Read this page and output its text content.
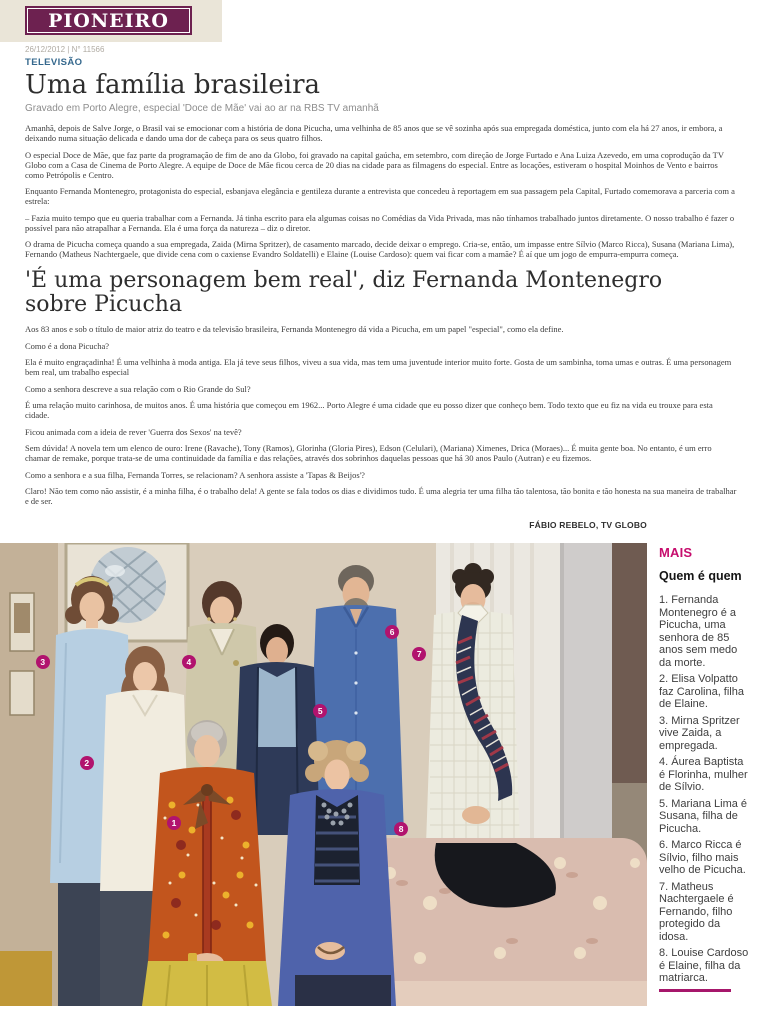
PIONEIRO
26/12/2012 | N° 11566
TELEVISÃO
Uma família brasileira
Gravado em Porto Alegre, especial 'Doce de Mãe' vai ao ar na RBS TV amanhã

Amanhã, depois de Salve Jorge, o Brasil vai se emocionar com a história de dona Picucha, uma velhinha de 85 anos que se vê sozinha após sua empregada doméstica, junto com ela há 27 anos, ir embora, a deixando numa situação delicada e dando uma dor de cabeça para os seus quatro filhos.

O especial Doce de Mãe, que faz parte da programação de fim de ano da Globo, foi gravado na capital gaúcha, em setembro, com direção de Jorge Furtado e Ana Luiza Azevedo, em uma coprodução da TV Globo com a Casa de Cinema de Porto Alegre. A equipe de Doce de Mãe ficou cerca de 20 dias na cidade para as filmagens do especial. Entre as locações, estiveram o hospital Moinhos de Vento e bairros como Petrópolis e Centro.

Enquanto Fernanda Montenegro, protagonista do especial, esbanjava elegância e gentileza durante a entrevista que concedeu à reportagem em sua passagem pela Capital, Furtado comemorava a parceria com a estrela:

– Fazia muito tempo que eu queria trabalhar com a Fernanda. Já tinha escrito para ela algumas coisas no Comédias da Vida Privada, mas não tínhamos trabalhado juntos diretamente. O nosso trabalho é fazer o possível para não atrapalhar a Fernanda. Ela é uma força da natureza – diz o diretor.

O drama de Picucha começa quando a sua empregada, Zaida (Mirna Spritzer), de casamento marcado, decide deixar o emprego. Cria-se, então, um impasse entre Sílvio (Marco Ricca), Susana (Mariana Lima), Fernando (Matheus Nachtergaele, que divide cena com o caxiense Evandro Soldatelli) e Elaine (Louise Cardoso): quem vai ficar com a mamãe? É aí que um jogo de empurra-empurra começa.

'É uma personagem bem real', diz Fernanda Montenegro sobre Picucha

Aos 83 anos e sob o título de maior atriz do teatro e da televisão brasileira, Fernanda Montenegro dá vida a Picucha, em um papel "especial", como ela define.

Como é a dona Picucha?

Ela é muito engraçadinha! É uma velhinha à moda antiga. Ela já teve seus filhos, viveu a sua vida, mas tem uma juventude interior muito forte. Gosta de um sambinha, toma umas e outras. É uma personagem bem real, um trabalho especial

Como a senhora descreve a sua relação com o Rio Grande do Sul?

É uma relação muito carinhosa, de muitos anos. É uma história que começou em 1962... Porto Alegre é uma cidade que eu posso dizer que conheço bem. Todo texto que eu fiz na vida eu trouxe para esta cidade.

Ficou animada com a ideia de rever 'Guerra dos Sexos' na tevê?

Sem dúvida! A novela tem um elenco de ouro: Irene (Ravache), Tony (Ramos), Glorinha (Gloria Pires), Edson (Celulari), (Mariana) Ximenes, Drica (Moraes)... É muita gente boa. No entanto, é um erro chamar de remake, porque trata-se de uma continuidade da família e das relações, através dos sobrinhos daquelas pessoas que há 30 anos Paulo (Autran) e eu fizemos.

Como a senhora e a sua filha, Fernanda Torres, se relacionam? A senhora assiste a 'Tapas & Beijos'?

Claro! Não tem como não assistir, é a minha filha, é o trabalho dela! A gente se fala todos os dias e dividimos tudo. É uma alegria ter uma filha tão talentosa, tão bonita e tão honesta na sua maneira de trabalhar e de ser.

FÁBIO REBELO, TV GLOBO
1
2
3	4
5
6
7
8
MAIS
Quem é quem

1. Fernanda Montenegro é a Picucha, uma senhora de 85 anos sem medo da morte.

2. Elisa Volpatto faz Carolina, filha de Elaine.

3. Mirna Spritzer vive Zaida, a empregada.

4. Áurea Baptista é Florinha, mulher de Sílvio.

5. Mariana Lima é Susana, filha de Picucha.

6. Marco Ricca é Sílvio, filho mais velho de Picucha.

7. Matheus Nachtergaele é Fernando, filho protegido da idosa.

8. Louise Cardoso é Elaine, filha da matriarca.
